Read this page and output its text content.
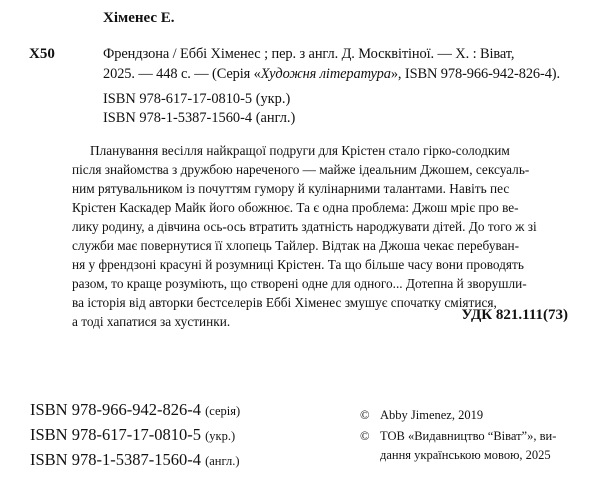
Хіменес Е.
Х50	Френдзона / Еббі Хіменес ; пер. з англ. Д. Москвітіної. — Х. : Віват,
2025. — 448 с. — (Серія «Художня література», ISBN 978-966-942-826-4).
ISBN 978-617-17-0810-5 (укр.)
ISBN 978-1-5387-1560-4 (англ.)
Планування весілля найкращої подруги для Крістен стало гірко-солодким
після знайомства з дружбою нареченого — майже ідеальним Джошем, сексуаль-
ним рятувальником із почуттям гумору й кулінарними талантами. Навіть пес
Крістен Каскадер Майк його обожнює. Та є одна проблема: Джош мріє про ве-
лику родину, а дівчина ось-ось втратить здатність народжувати дітей. До того ж зі
служби має повернутися її хлопець Тайлер. Відтак на Джоша чекає перебуван-
ня у френдзоні красуні й розумниці Крістен. Та що більше часу вони проводять
разом, то краще розуміють, що створені одне для одного... Дотепна й зворушли-
ва історія від авторки бестселерів Еббі Хіменес змушує спочатку сміятися,
а тоді хапатися за хустинки.	УДК 821.111(73)
ISBN 978-966-942-826-4 (серія)
ISBN 978-617-17-0810-5 (укр.)
ISBN 978-1-5387-1560-4 (англ.)
© Abby Jimenez, 2019
© ТОВ «Видавництво “Віват”», ви-
дання українською мовою, 2025
